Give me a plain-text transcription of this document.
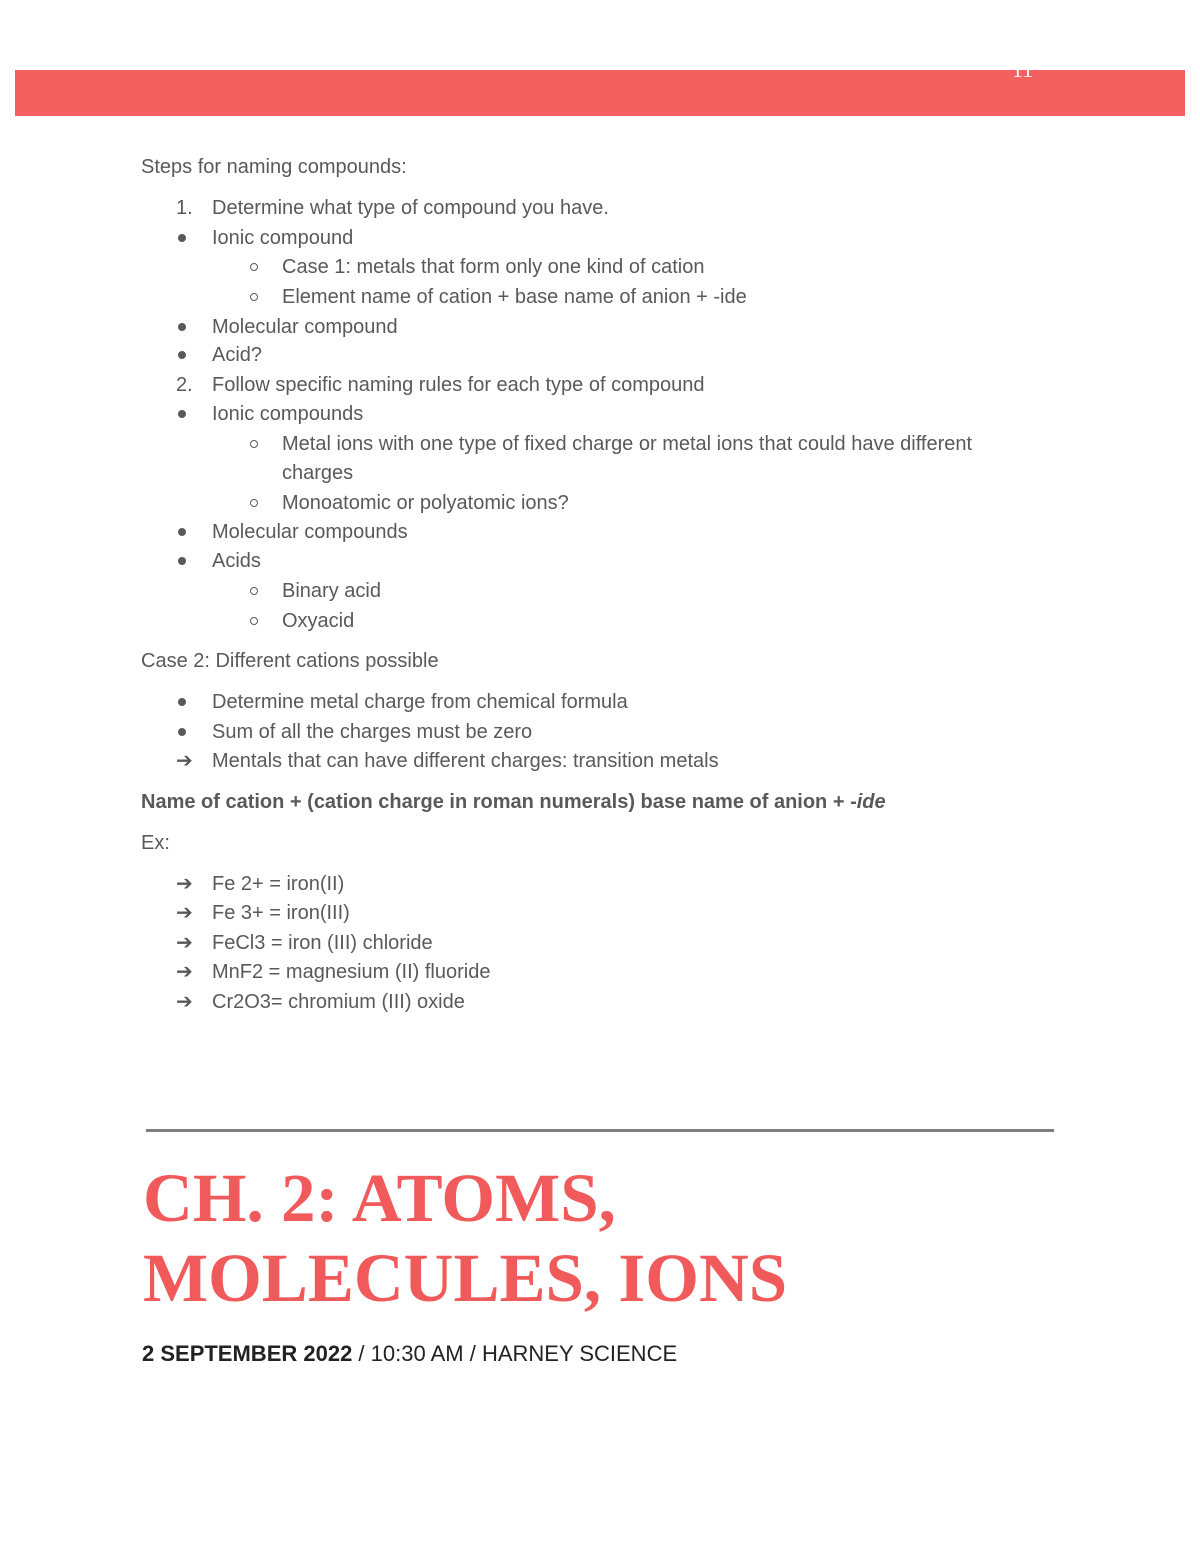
11
Steps for naming compounds:
1. Determine what type of compound you have.
Ionic compound
Case 1: metals that form only one kind of cation
Element name of cation + base name of anion + -ide
Molecular compound
Acid?
2. Follow specific naming rules for each type of compound
Ionic compounds
Metal ions with one type of fixed charge or metal ions that could have different
charges
Monoatomic or polyatomic ions?
Molecular compounds
Acids
Binary acid
Oxyacid
Case 2: Different cations possible
Determine metal charge from chemical formula
Sum of all the charges must be zero
➔ Mentals that can have different charges: transition metals
Name of cation + (cation charge in roman numerals) base name of anion + -ide
Ex:
➔ Fe 2+ = iron(II)
➔ Fe 3+ = iron(III)
➔ FeCl3 = iron (III) chloride
➔ MnF2 = magnesium (II) fluoride
➔ Cr2O3= chromium (III) oxide
CH. 2: ATOMS,
MOLECULES, IONS
2 SEPTEMBER 2022 / 10:30 AM / HARNEY SCIENCE
